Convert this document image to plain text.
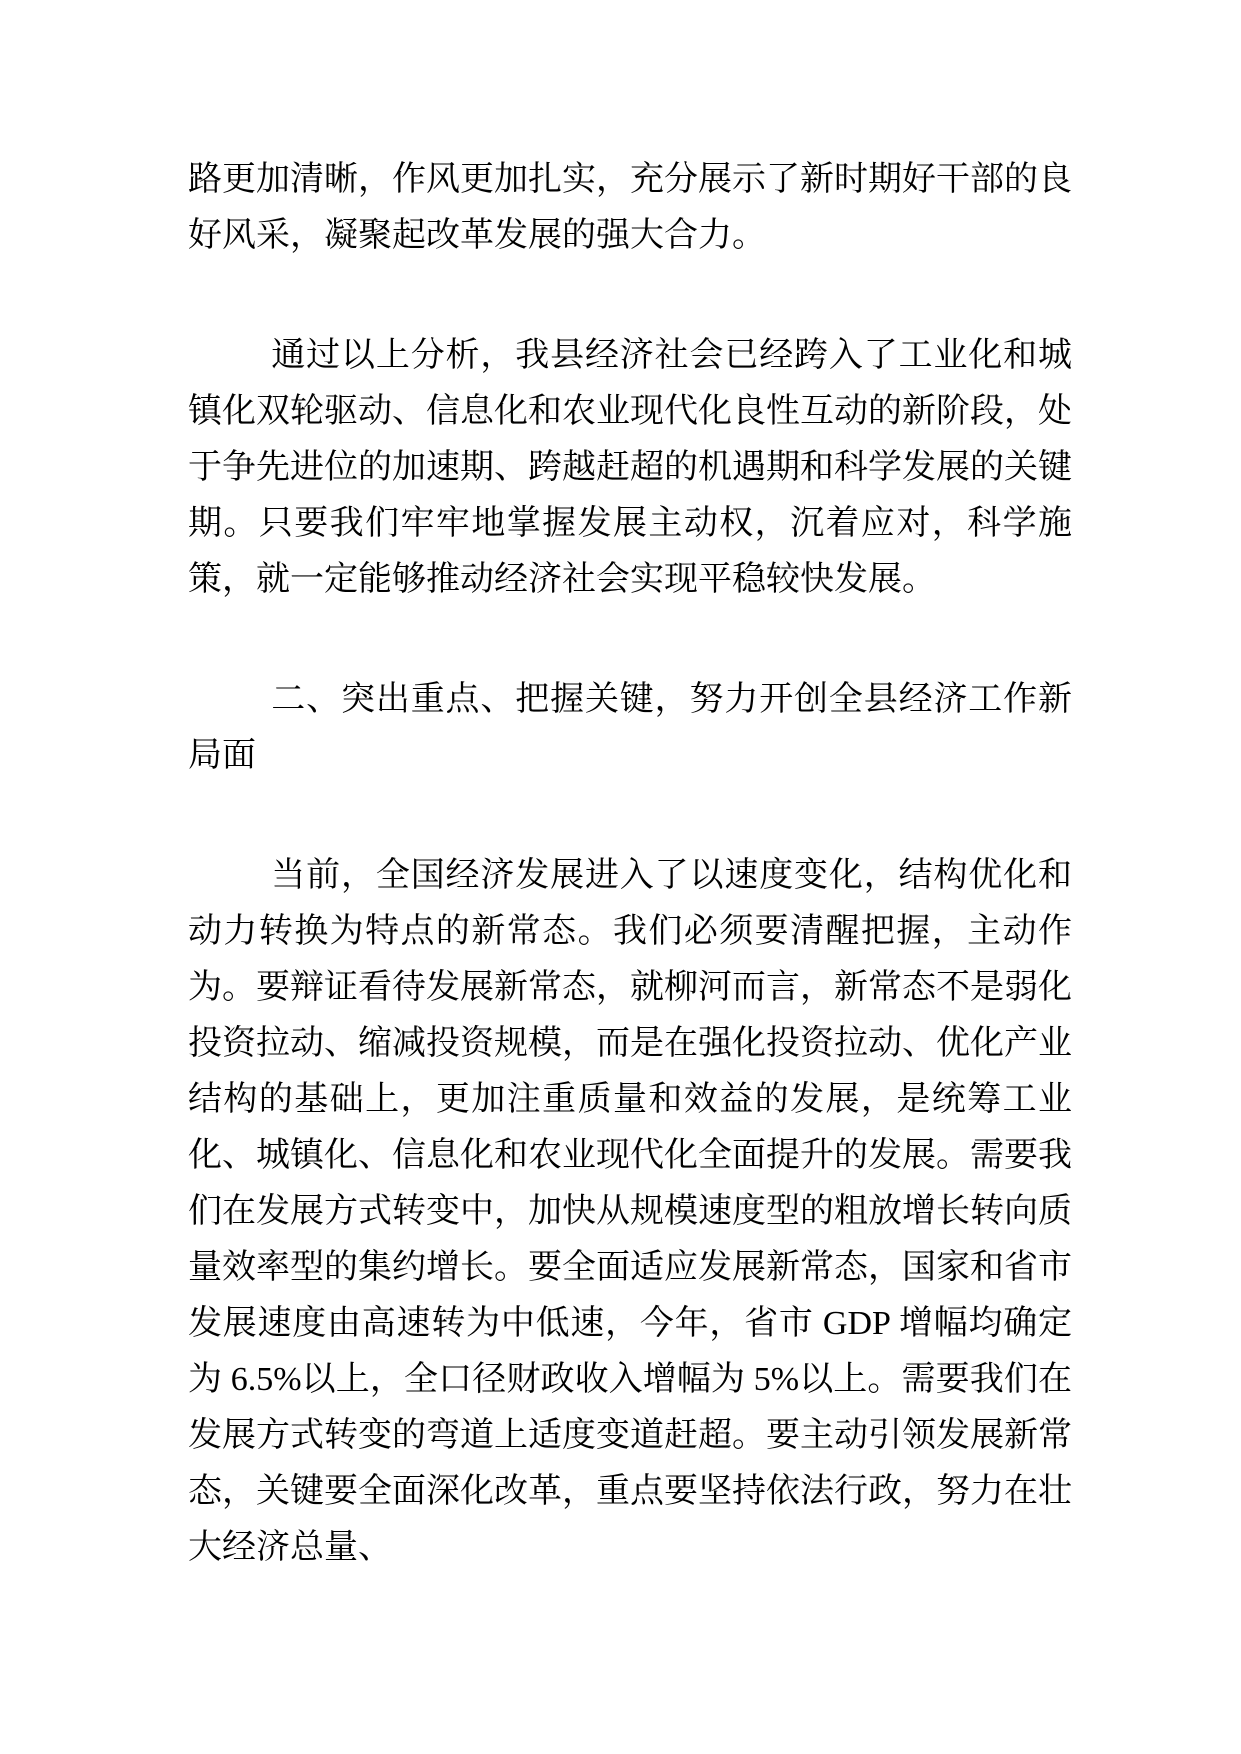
路更加清晰，作风更加扎实，充分展示了新时期好干部的良好风采，凝聚起改革发展的强大合力。

通过以上分析，我县经济社会已经跨入了工业化和城镇化双轮驱动、信息化和农业现代化良性互动的新阶段，处于争先进位的加速期、跨越赶超的机遇期和科学发展的关键期。只要我们牢牢地掌握发展主动权，沉着应对，科学施策，就一定能够推动经济社会实现平稳较快发展。

二、突出重点、把握关键，努力开创全县经济工作新局面

当前，全国经济发展进入了以速度变化，结构优化和动力转换为特点的新常态。我们必须要清醒把握，主动作为。要辩证看待发展新常态，就柳河而言，新常态不是弱化投资拉动、缩减投资规模，而是在强化投资拉动、优化产业结构的基础上，更加注重质量和效益的发展，是统筹工业化、城镇化、信息化和农业现代化全面提升的发展。需要我们在发展方式转变中，加快从规模速度型的粗放增长转向质量效率型的集约增长。要全面适应发展新常态，国家和省市发展速度由高速转为中低速，今年，省市 GDP 增幅均确定为 6.5%以上，全口径财政收入增幅为 5%以上。需要我们在发展方式转变的弯道上适度变道赶超。要主动引领发展新常态，关键要全面深化改革，重点要坚持依法行政，努力在壮大经济总量、
